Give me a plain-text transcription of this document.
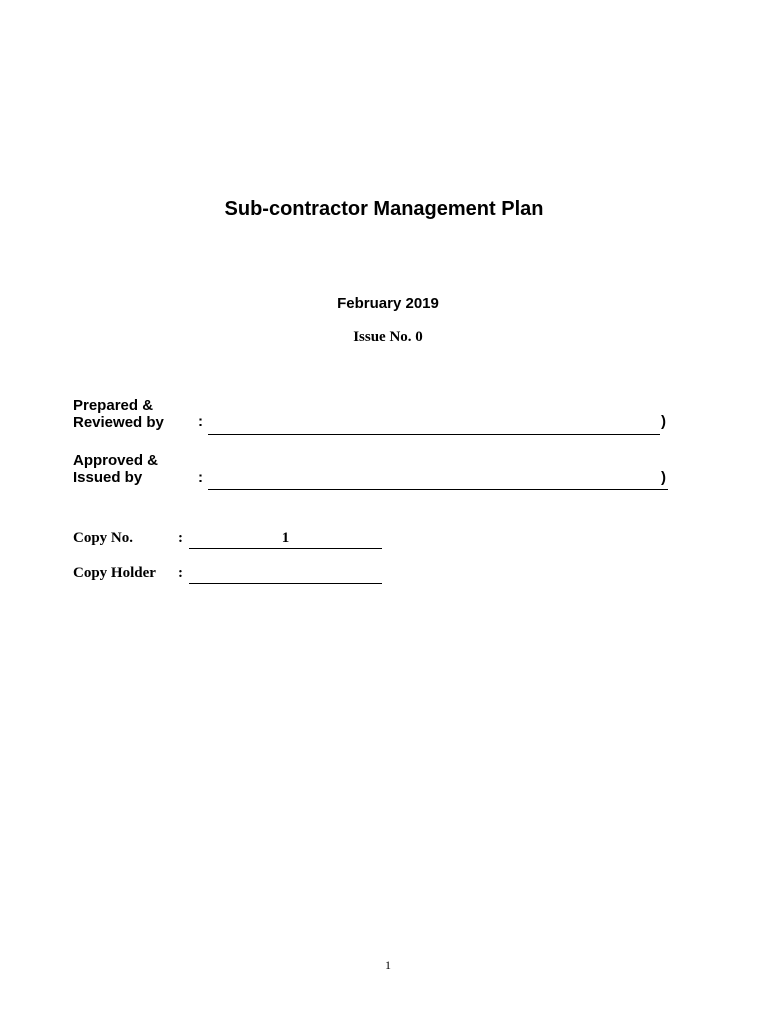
Sub-contractor Management Plan
February 2019
Issue No. 0
Prepared &
Reviewed by :	)
Approved &
Issued by	:	)
Copy No.	:	1
Copy Holder :
1
